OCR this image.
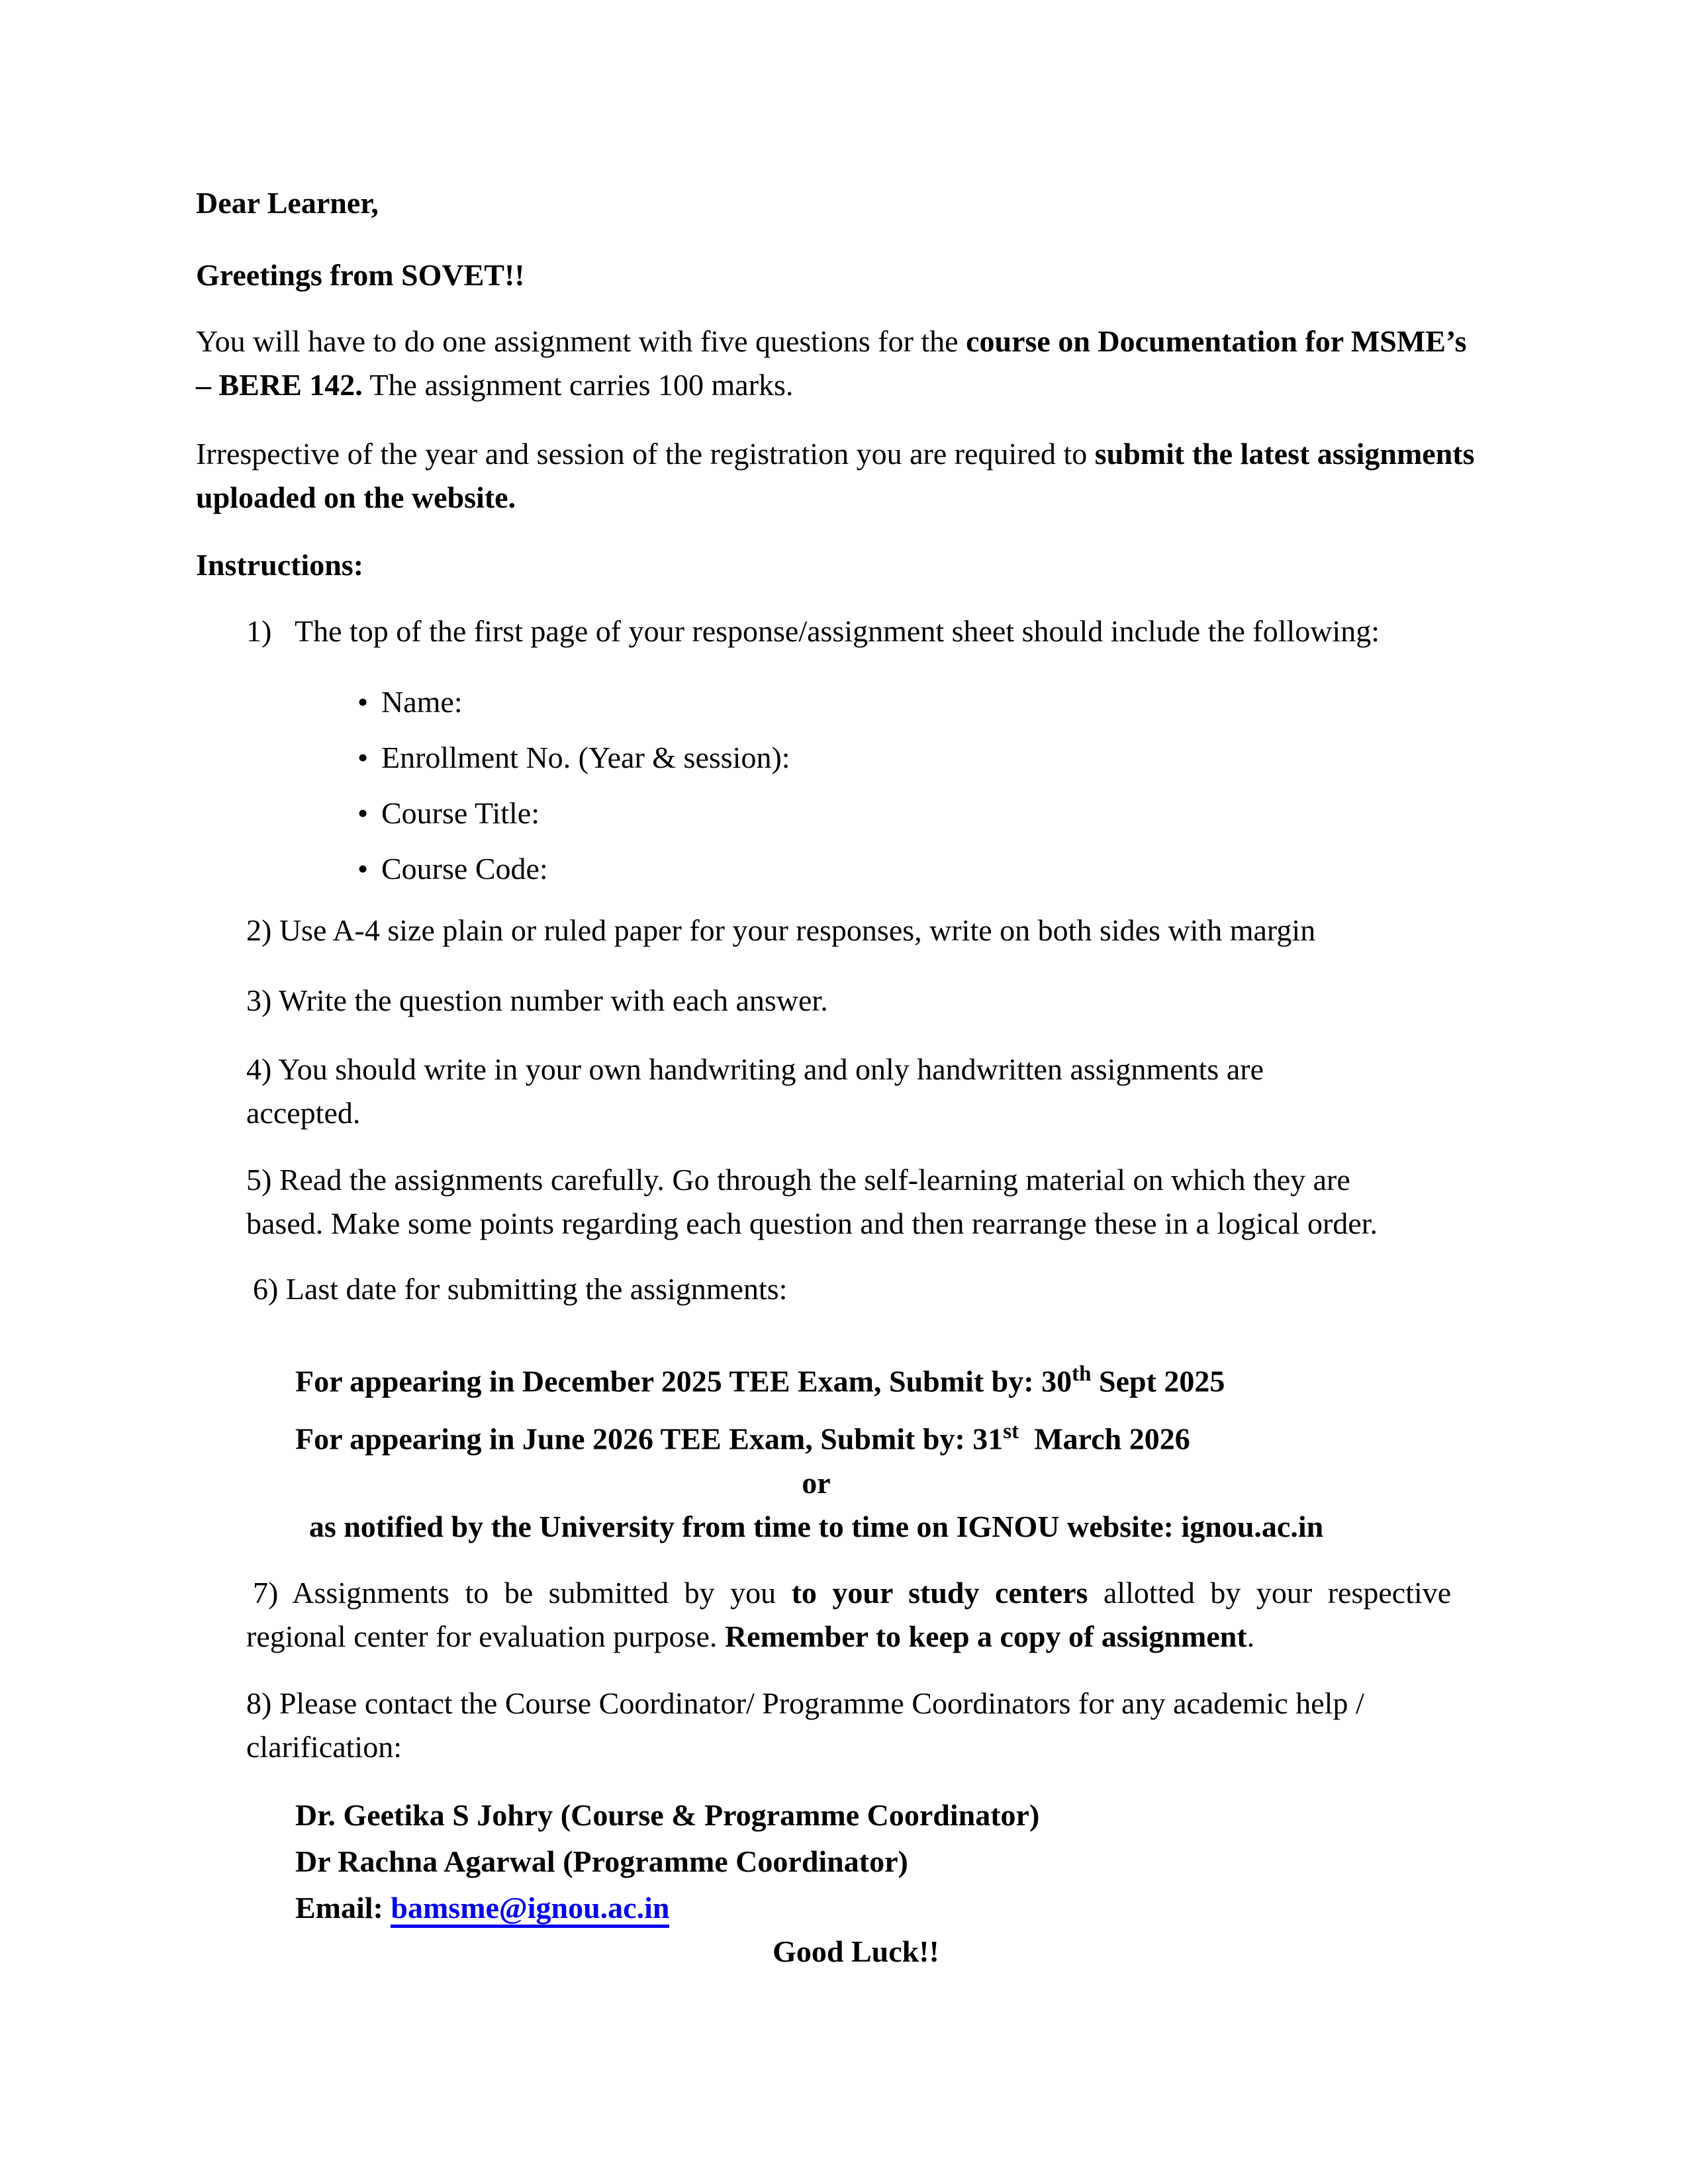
Dear Learner,
Greetings from SOVET!!
You will have to do one assignment with five questions for the course on Documentation for MSME’s
– BERE 142. The assignment carries 100 marks.
Irrespective of the year and session of the registration you are required to submit the latest assignments
uploaded on the website.
Instructions:
1) The top of the first page of your response/assignment sheet should include the following:
• Name:
• Enrollment No. (Year & session):
• Course Title:
• Course Code:
2) Use A-4 size plain or ruled paper for your responses, write on both sides with margin
3) Write the question number with each answer.
4) You should write in your own handwriting and only handwritten assignments are
accepted.
5) Read the assignments carefully. Go through the self-learning material on which they are
based. Make some points regarding each question and then rearrange these in a logical order.
6) Last date for submitting the assignments:
For appearing in December 2025 TEE Exam, Submit by: 30th Sept 2025
For appearing in June 2026 TEE Exam, Submit by: 31st  March 2026
or
as notified by the University from time to time on IGNOU website: ignou.ac.in
7) Assignments to be submitted by you to your study centers allotted by your respective
regional center for evaluation purpose. Remember to keep a copy of assignment.
8) Please contact the Course Coordinator/ Programme Coordinators for any academic help /
clarification:
Dr. Geetika S Johry (Course & Programme Coordinator)
Dr Rachna Agarwal (Programme Coordinator)
Email: bamsme@ignou.ac.in
Good Luck!!
